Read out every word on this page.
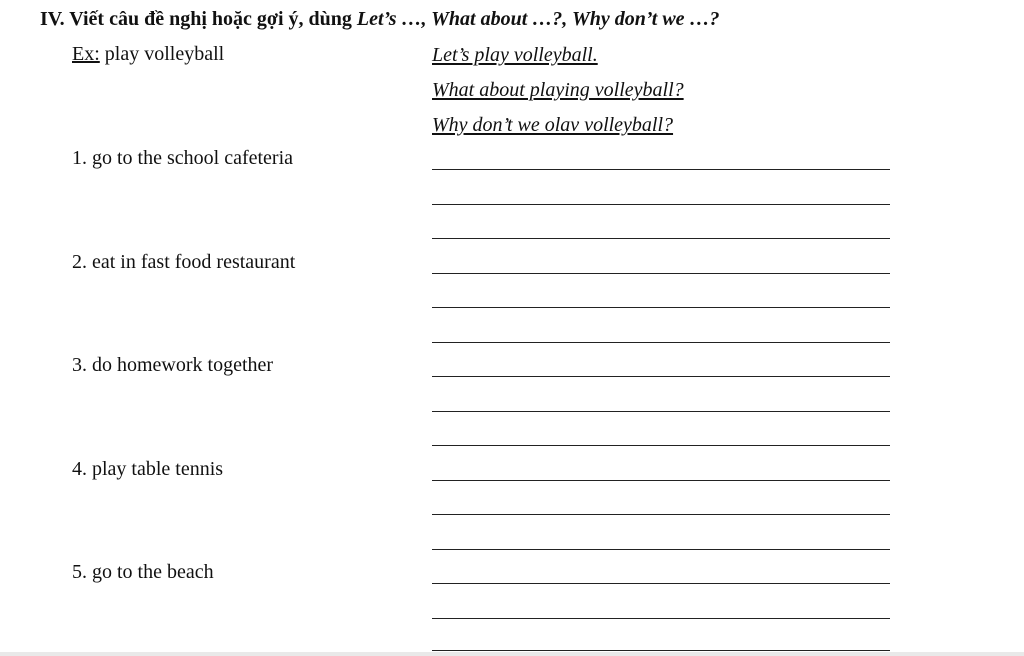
IV. Viết câu đề nghị hoặc gợi ý, dùng Let’s …, What about …?, Why don’t we …?
Ex: play volleyball	Let’s play volleyball.
What about playing volleyball?
Why don’t we olav volleyball?
1. go to the school cafeteria
2. eat in fast food restaurant
3. do homework together
4. play table tennis
5. go to the beach
